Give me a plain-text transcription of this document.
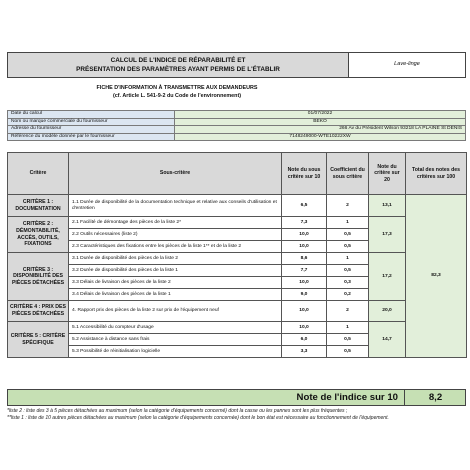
CALCUL DE L'INDICE DE RÉPARABILITÉ ET
PRÉSENTATION DES PARAMÈTRES AYANT PERMIS DE L'ÉTABLIR
Lave-linge
FICHE D'INFORMATION À TRANSMETTRE AUX DEMANDEURS
(cf. Article L. 541-9-2 du Code de l'environnement)
Date du calcul	01/07/2022
Nom ou marque commerciale du fournisseur	BEKO
Adresse du fournisseur	266 Av du Président Wilson 93218 LA PLAINE St DENIS
Référence du modèle donnée par le fournisseur	7148249000-WTE10222XW
Critère	Sous-critère	Note du sous critère sur 10	Coefficient du sous critère	Note du critère sur 20	Total des notes des critères sur 100
CRITÈRE 1 : DOCUMENTATION	1.1 Durée de disponibilité de la documentation technique et relative aux conseils d'utilisation et d'entretien	6,5	2	13,1	82,3
CRITÈRE 2 : DÉMONTABILITÉ, ACCÈS, OUTILS, FIXATIONS	2.1 Facilité de démontage des pièces de la liste 2*	7,3	1	17,3	
	2.2 Outils nécessaires (liste 2)	10,0	0,5		
	2.3 Caractéristiques des fixations entre les pièces de la liste 1** et de la liste 2	10,0	0,5		
CRITÈRE 3 : DISPONIBILITÉ DES PIÈCES DÉTACHÉES	3.1 Durée de disponibilité des pièces de la liste 2	8,6	1	17,2	
	3.2 Durée de disponibilité des pièces de la liste 1	7,7	0,5		
	3.3 Délais de livraison des pièces de la liste 2	10,0	0,3		
	3.4 Délais de livraison des pièces de la liste 1	9,0	0,2		
CRITÈRE 4 : PRIX DES PIÈCES DÉTACHÉES	4. Rapport prix des pièces de la liste 2 sur prix de l'équipement neuf	10,0	2	20,0	
CRITÈRE 5 : CRITÈRE SPÉCIFIQUE	5.1 Accessibilité du compteur d'usage	10,0	1	14,7	
	5.2 Assistance à distance sans frais	6,0	0,5		
	5.3 Possibilité de réinitialisation logicielle	3,3	0,5		
Note de l'indice sur 10	8,2
*liste 2 : liste des 3 à 5 pièces détachées au maximum (selon la catégorie d'équipements concerné) dont la casse ou les pannes sont les plus fréquentes ;
**liste 1 : liste de 10 autres pièces détachées au maximum (selon la catégorie d'équipements concernée) dont le bon état est nécessaire au fonctionnement de l'équipement.
